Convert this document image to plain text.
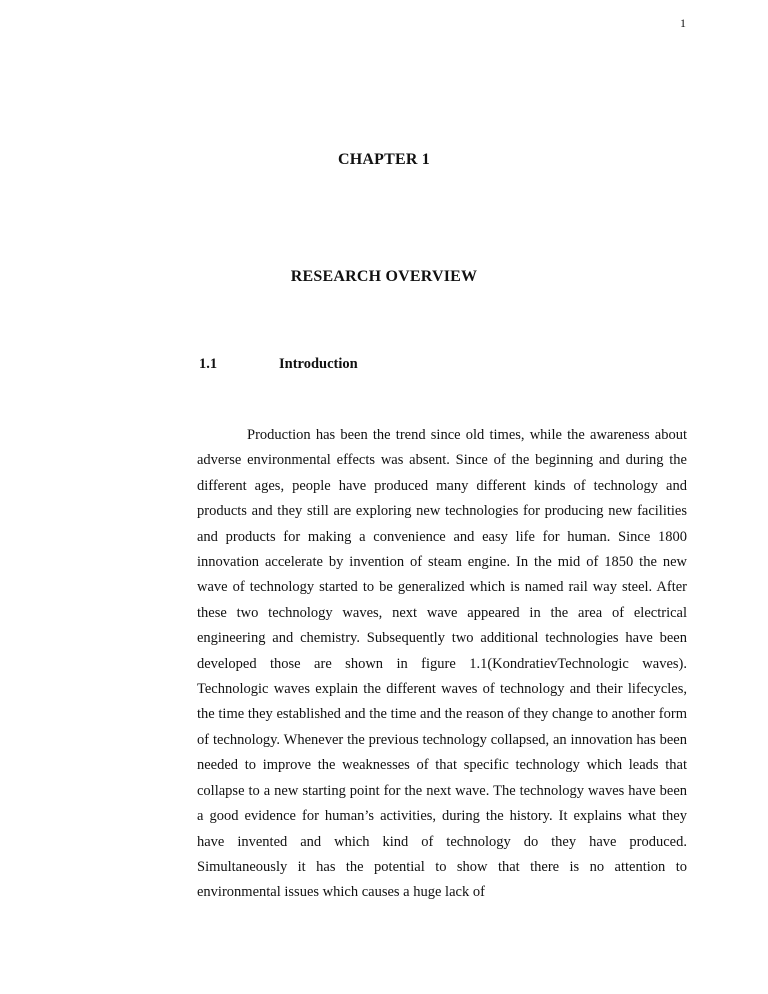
1
CHAPTER 1
RESEARCH OVERVIEW
1.1	Introduction

Production has been the trend since old times, while the awareness about adverse environmental effects was absent. Since of the beginning and during the different ages, people have produced many different kinds of technology and products and they still are exploring new technologies for producing new facilities and products for making a convenience and easy life for human. Since 1800 innovation accelerate by invention of steam engine. In the mid of 1850 the new wave of technology started to be generalized which is named rail way steel. After these two technology waves, next wave appeared in the area of electrical engineering and chemistry. Subsequently two additional technologies have been developed those are shown in figure 1.1(KondratievTechnologic waves). Technologic waves explain the different waves of technology and their lifecycles, the time they established and the time and the reason of they change to another form of technology. Whenever the previous technology collapsed, an innovation has been needed to improve the weaknesses of that specific technology which leads that collapse to a new starting point for the next wave. The technology waves have been a good evidence for human’s activities, during the history. It explains what they have invented and which kind of technology do they have produced. Simultaneously it has the potential to show that there is no attention to environmental issues which causes a huge lack of
